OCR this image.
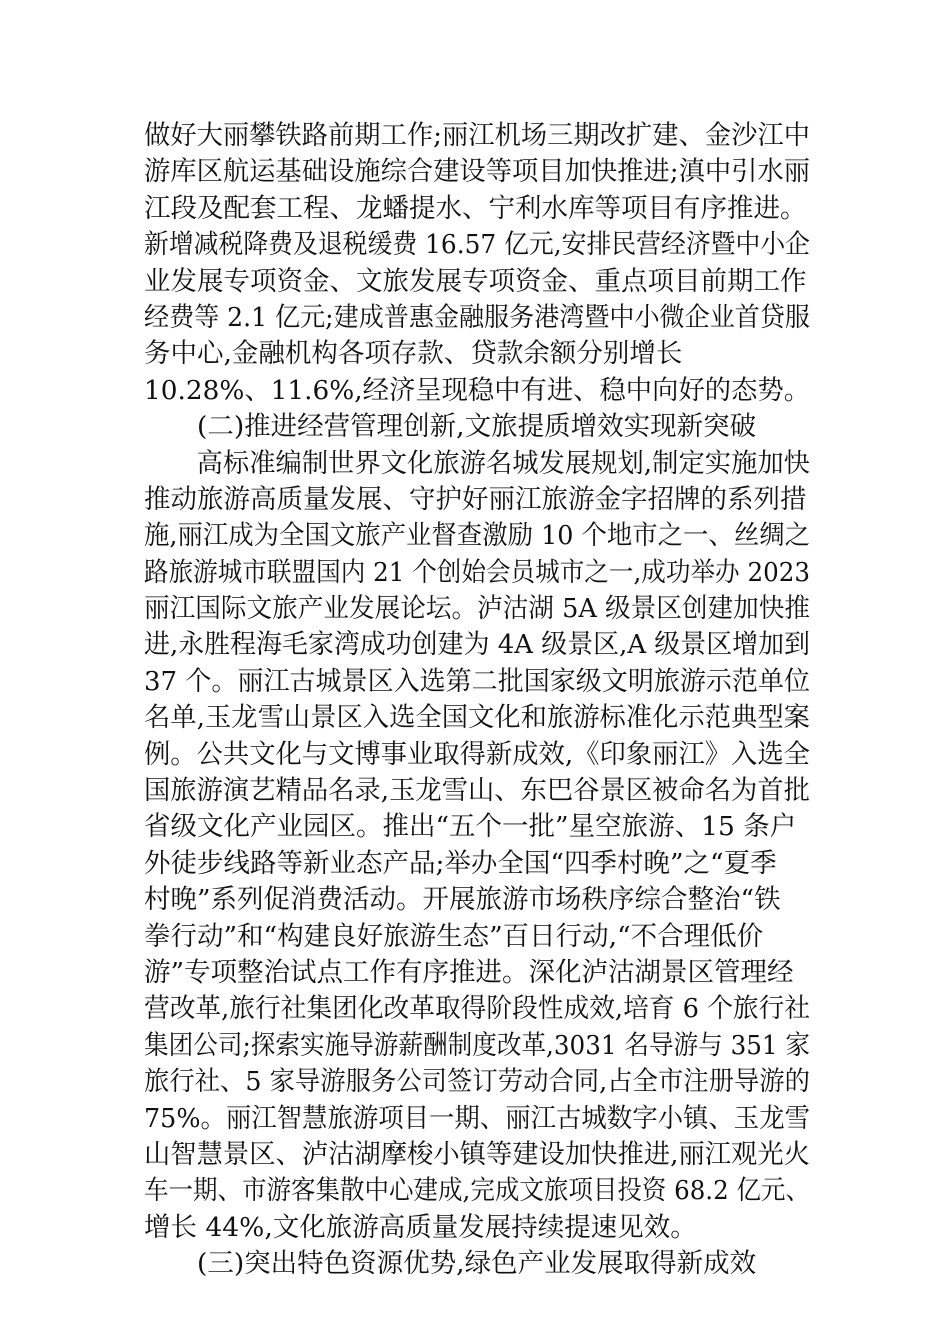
做好大丽攀铁路前期工作;丽江机场三期改扩建、金沙江中
游库区航运基础设施综合建设等项目加快推进;滇中引水丽
江段及配套工程、龙蟠提水、宁利水库等项目有序推进。
新增减税降费及退税缓费 16.57 亿元,安排民营经济暨中小企
业发展专项资金、文旅发展专项资金、重点项目前期工作
经费等 2.1 亿元;建成普惠金融服务港湾暨中小微企业首贷服
务中心,金融机构各项存款、贷款余额分别增长
10.28%、11.6%,经济呈现稳中有进、稳中向好的态势。
　　(二)推进经营管理创新,文旅提质增效实现新突破
　　高标准编制世界文化旅游名城发展规划,制定实施加快
推动旅游高质量发展、守护好丽江旅游金字招牌的系列措
施,丽江成为全国文旅产业督查激励 10 个地市之一、丝绸之
路旅游城市联盟国内 21 个创始会员城市之一,成功举办 2023
丽江国际文旅产业发展论坛。泸沽湖 5A 级景区创建加快推
进,永胜程海毛家湾成功创建为 4A 级景区,A 级景区增加到
37 个。丽江古城景区入选第二批国家级文明旅游示范单位
名单,玉龙雪山景区入选全国文化和旅游标准化示范典型案
例。公共文化与文博事业取得新成效,《印象丽江》入选全
国旅游演艺精品名录,玉龙雪山、东巴谷景区被命名为首批
省级文化产业园区。推出“五个一批”星空旅游、15 条户
外徒步线路等新业态产品;举办全国“四季村晚”之“夏季
村晚”系列促消费活动。开展旅游市场秩序综合整治“铁
拳行动”和“构建良好旅游生态”百日行动,“不合理低价
游”专项整治试点工作有序推进。深化泸沽湖景区管理经
营改革,旅行社集团化改革取得阶段性成效,培育 6 个旅行社
集团公司;探索实施导游薪酬制度改革,3031 名导游与 351 家
旅行社、5 家导游服务公司签订劳动合同,占全市注册导游的
75%。丽江智慧旅游项目一期、丽江古城数字小镇、玉龙雪
山智慧景区、泸沽湖摩梭小镇等建设加快推进,丽江观光火
车一期、市游客集散中心建成,完成文旅项目投资 68.2 亿元、
增长 44%,文化旅游高质量发展持续提速见效。
　　(三)突出特色资源优势,绿色产业发展取得新成效
